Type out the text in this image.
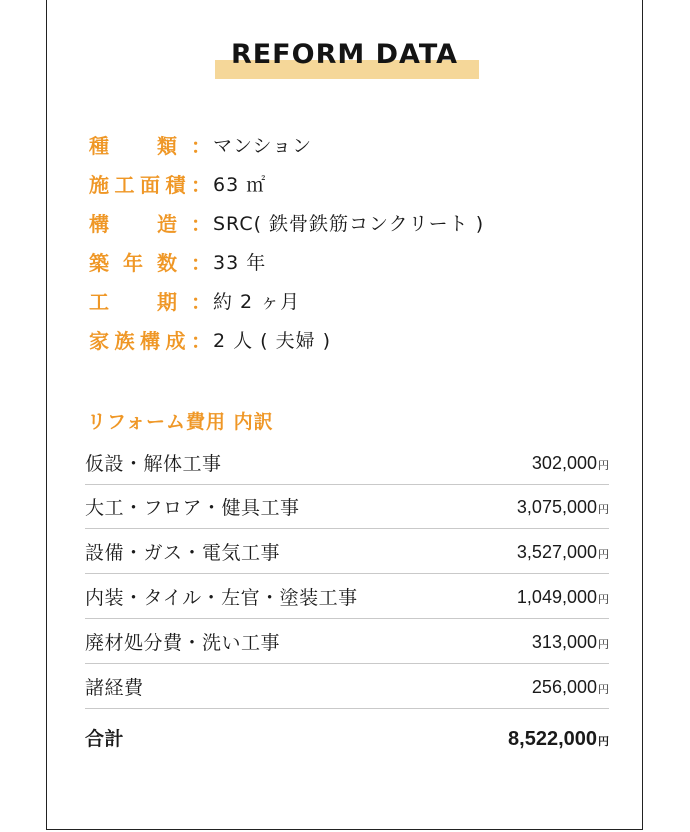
REFORM DATA
種 類 ： マンション
施 工 面 積 ： 63 ㎡
構 造 ： SRC( 鉄骨鉄筋コンクリート )
築 年 数 ： 33 年
工 期 ： 約 2 ヶ月
家 族 構 成 ： 2 人 ( 夫婦 )
リフォーム費用 内訳
仮設・解体工事	302,000円
大工・フロア・健具工事	3,075,000円
設備・ガス・電気工事	3,527,000円
内装・タイル・左官・塗装工事	1,049,000円
廃材処分費・洗い工事	313,000円
諸経費	256,000円
合計	8,522,000円
